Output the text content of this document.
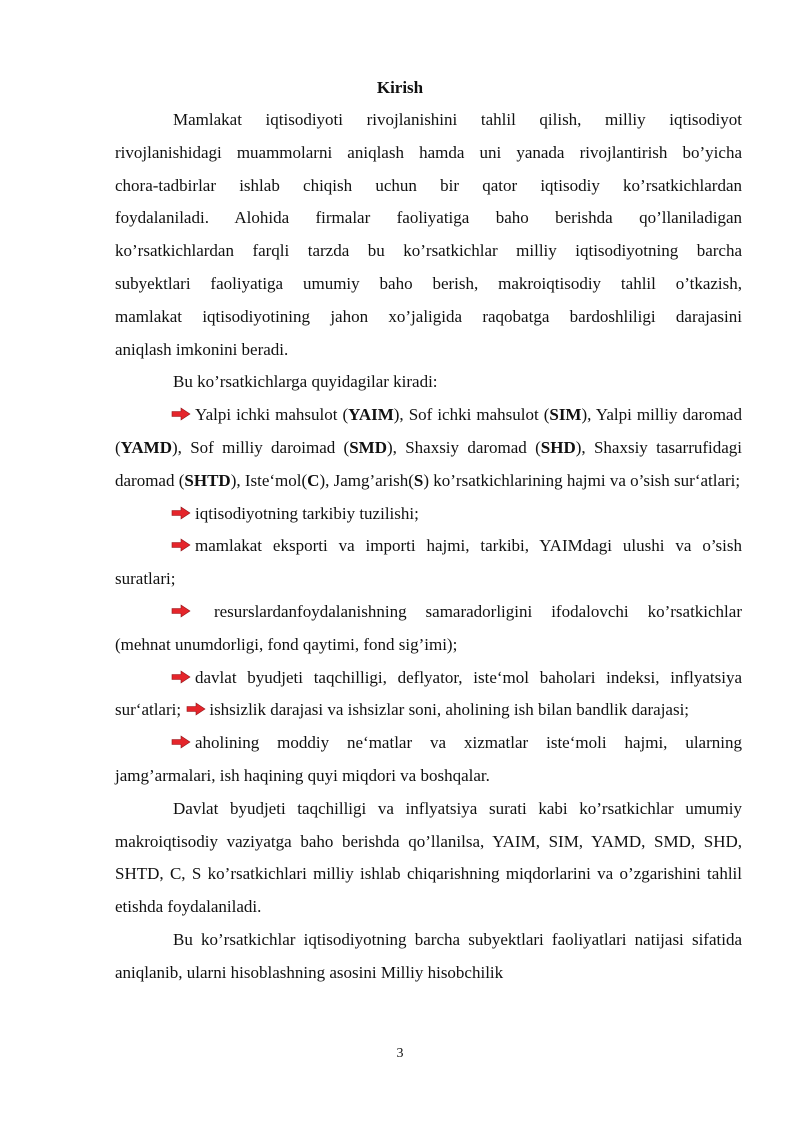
Kirish
Mamlakat iqtisodiyoti rivojlanishini tahlil qilish, milliy iqtisodiyot
rivojlanishidagi muammolarni aniqlash hamda uni yanada rivojlantirish bo’yicha
chora-tadbirlar ishlab chiqish uchun bir qator iqtisodiy ko’rsatkichlardan
foydalaniladi. Alohida firmalar faoliyatiga baho berishda qo’llaniladigan
ko’rsatkichlardan farqli tarzda bu ko’rsatkichlar milliy iqtisodiyotning barcha
subyektlari faoliyatiga umumiy baho berish, makroiqtisodiy tahlil o’tkazish,
mamlakat iqtisodiyotining jahon xo’jaligida raqobatga bardoshliligi darajasini
aniqlash imkonini beradi.

Bu ko’rsatkichlarga quyidagilar kiradi:

Yalpi ichki mahsulot (YAIM), Sof ichki mahsulot (SIM), Yalpi milliy daromad (YAMD), Sof milliy daroimad (SMD), Shaxsiy daromad (SHD), Shaxsiy tasarrufidagi daromad (SHTD), Iste‘mol(C), Jamg’arish(S) ko’rsatkichlarining hajmi va o’sish sur‘atlari;

iqtisodiyotning tarkibiy tuzilishi;

mamlakat eksporti va importi hajmi, tarkibi, YAIMdagi ulushi va o’sish suratlari;

resurslardanfoydalanishning samaradorligini ifodalovchi ko’rsatkichlar (mehnat unumdorligi, fond qaytimi, fond sig’imi);

davlat byudjeti taqchilligi, deflyator, iste‘mol baholari indeksi, inflyatsiya sur‘atlari; ishsizlik darajasi va ishsizlar soni, aholining ish bilan bandlik darajasi;

aholining moddiy ne‘matlar va xizmatlar iste‘moli hajmi, ularning jamg’armalari, ish haqining quyi miqdori va boshqalar.

Davlat byudjeti taqchilligi va inflyatsiya surati kabi ko’rsatkichlar umumiy makroiqtisodiy vaziyatga baho berishda qo’llanilsa, YAIM, SIM, YAMD, SMD, SHD, SHTD, C, S ko’rsatkichlari milliy ishlab chiqarishning miqdorlarini va o’zgarishini tahlil etishda foydalaniladi.

Bu ko’rsatkichlar iqtisodiyotning barcha subyektlari faoliyatlari natijasi sifatida aniqlanib, ularni hisoblashning asosini Milliy hisobchilik

3
